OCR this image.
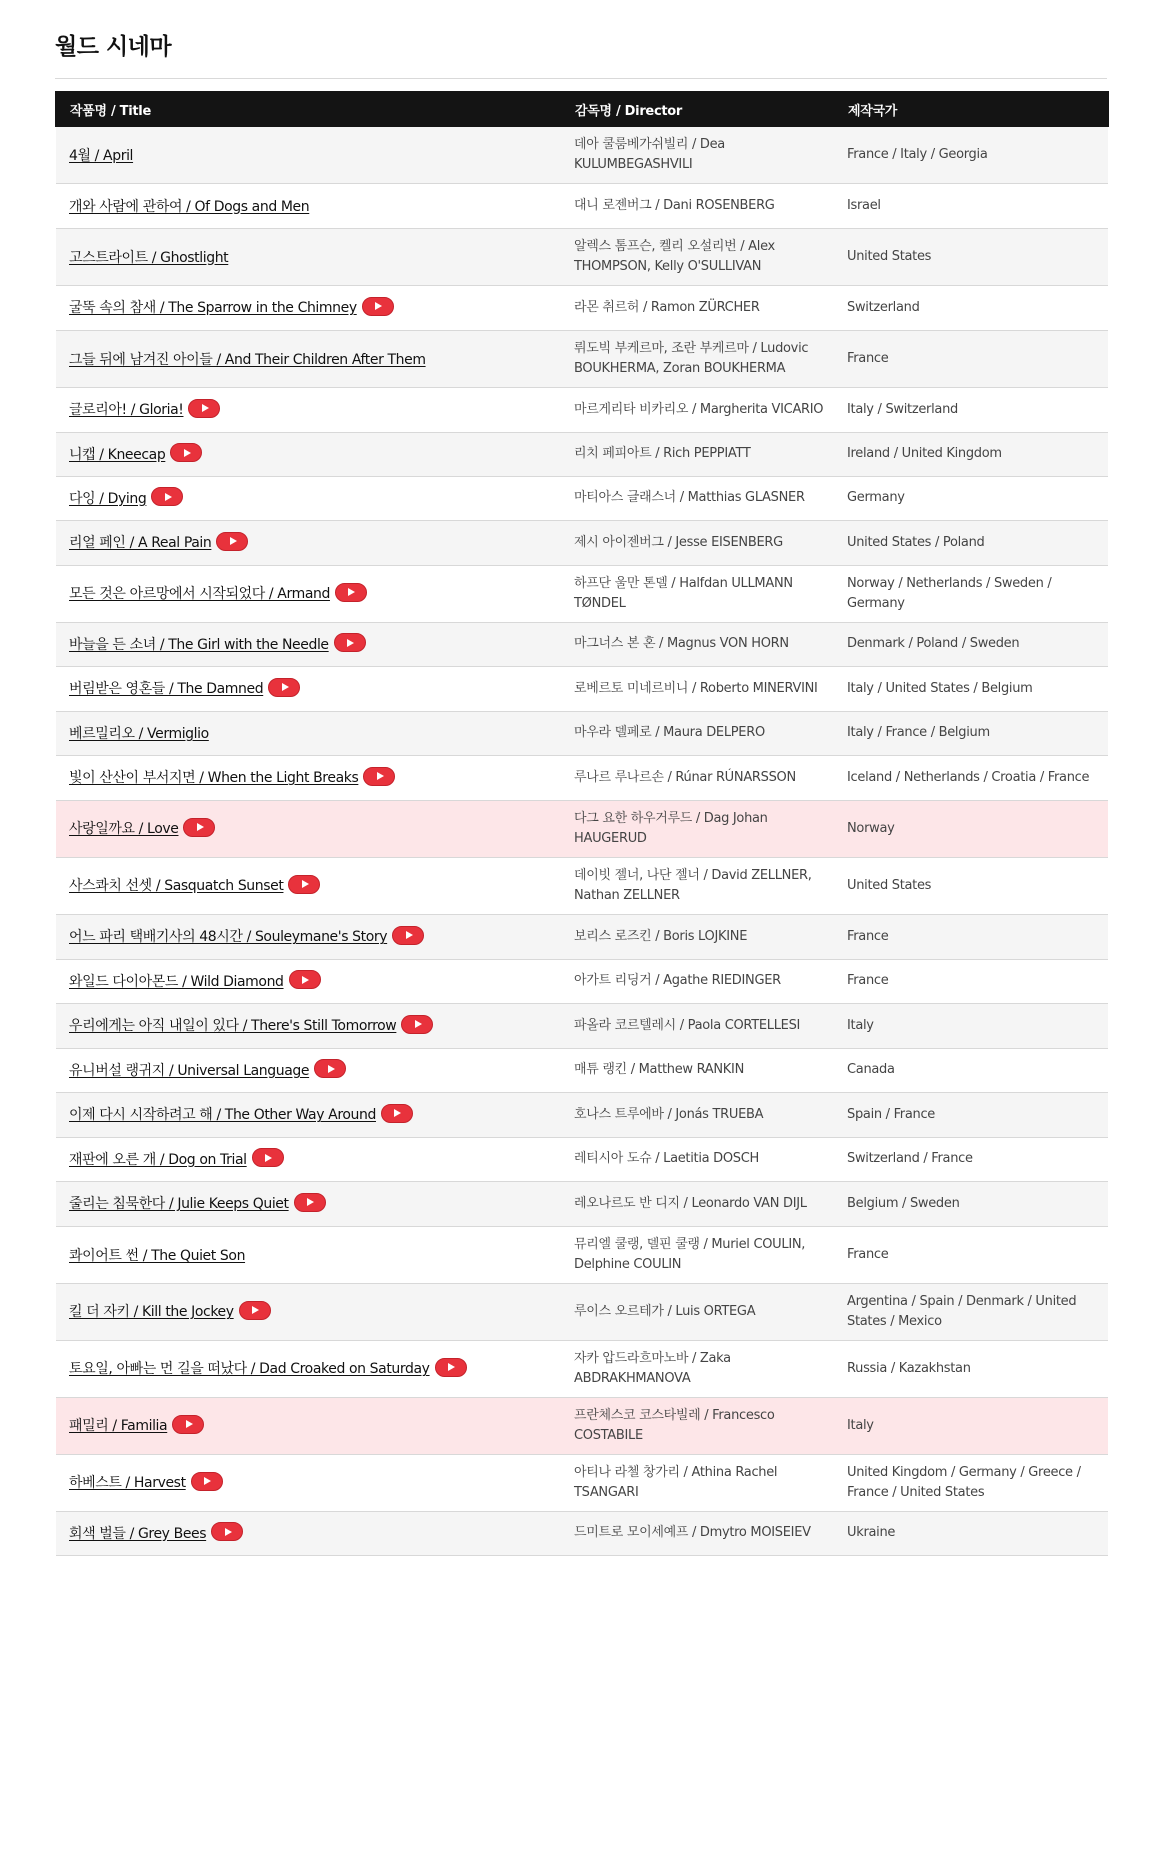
월드 시네마
작품명 / Title	감독명 / Director	제작국가
4월 / April	데아 쿨룸베가쉬빌리 / Dea KULUMBEGASHVILI	France / Italy / Georgia
개와 사람에 관하여 / Of Dogs and Men	대니 로젠버그 / Dani ROSENBERG	Israel
고스트라이트 / Ghostlight	알렉스 톰프슨, 켈리 오설리번 / Alex THOMPSON, Kelly O'SULLIVAN	United States
굴뚝 속의 참새 / The Sparrow in the Chimney	라몬 취르허 / Ramon ZÜRCHER	Switzerland
그들 뒤에 남겨진 아이들 / And Their Children After Them	뤼도빅 부케르마, 조란 부케르마 / Ludovic BOUKHERMA, Zoran BOUKHERMA	France
글로리아! / Gloria!	마르게리타 비카리오 / Margherita VICARIO	Italy / Switzerland
니캡 / Kneecap	리치 페피아트 / Rich PEPPIATT	Ireland / United Kingdom
다잉 / Dying	마티아스 글래스너 / Matthias GLASNER	Germany
리얼 페인 / A Real Pain	제시 아이젠버그 / Jesse EISENBERG	United States / Poland
모든 것은 아르망에서 시작되었다 / Armand	하프단 울만 톤델 / Halfdan ULLMANN TØNDEL	Norway / Netherlands / Sweden / Germany
바늘을 든 소녀 / The Girl with the Needle	마그너스 본 혼 / Magnus VON HORN	Denmark / Poland / Sweden
버림받은 영혼들 / The Damned	로베르토 미네르비니 / Roberto MINERVINI	Italy / United States / Belgium
베르밀리오 / Vermiglio	마우라 델페로 / Maura DELPERO	Italy / France / Belgium
빛이 산산이 부서지면 / When the Light Breaks	루나르 루나르손 / Rúnar RÚNARSSON	Iceland / Netherlands / Croatia / France
사랑일까요 / Love	다그 요한 하우거루드 / Dag Johan HAUGERUD	Norway
사스콰치 선셋 / Sasquatch Sunset	데이빗 젤너, 나단 젤너 / David ZELLNER, Nathan ZELLNER	United States
어느 파리 택배기사의 48시간 / Souleymane's Story	보리스 로즈킨 / Boris LOJKINE	France
와일드 다이아몬드 / Wild Diamond	아가트 리딩거 / Agathe RIEDINGER	France
우리에게는 아직 내일이 있다 / There's Still Tomorrow	파올라 코르텔레시 / Paola CORTELLESI	Italy
유니버설 랭귀지 / Universal Language	매튜 랭킨 / Matthew RANKIN	Canada
이제 다시 시작하려고 해 / The Other Way Around	호나스 트루에바 / Jonás TRUEBA	Spain / France
재판에 오른 개 / Dog on Trial	레티시아 도슈 / Laetitia DOSCH	Switzerland / France
줄리는 침묵한다 / Julie Keeps Quiet	레오나르도 반 디지 / Leonardo VAN DIJL	Belgium / Sweden
콰이어트 썬 / The Quiet Son	뮤리엘 쿨랭, 델핀 쿨랭 / Muriel COULIN, Delphine COULIN	France
킬 더 자키 / Kill the Jockey	루이스 오르테가 / Luis ORTEGA	Argentina / Spain / Denmark / United States / Mexico
토요일, 아빠는 먼 길을 떠났다 / Dad Croaked on Saturday	자카 압드라흐마노바 / Zaka ABDRAKHMANOVA	Russia / Kazakhstan
패밀리 / Familia	프란체스코 코스타빌레 / Francesco COSTABILE	Italy
하베스트 / Harvest	아티나 라첼 창가리 / Athina Rachel TSANGARI	United Kingdom / Germany / Greece / France / United States
회색 벌들 / Grey Bees	드미트로 모이세예프 / Dmytro MOISEIEV	Ukraine
